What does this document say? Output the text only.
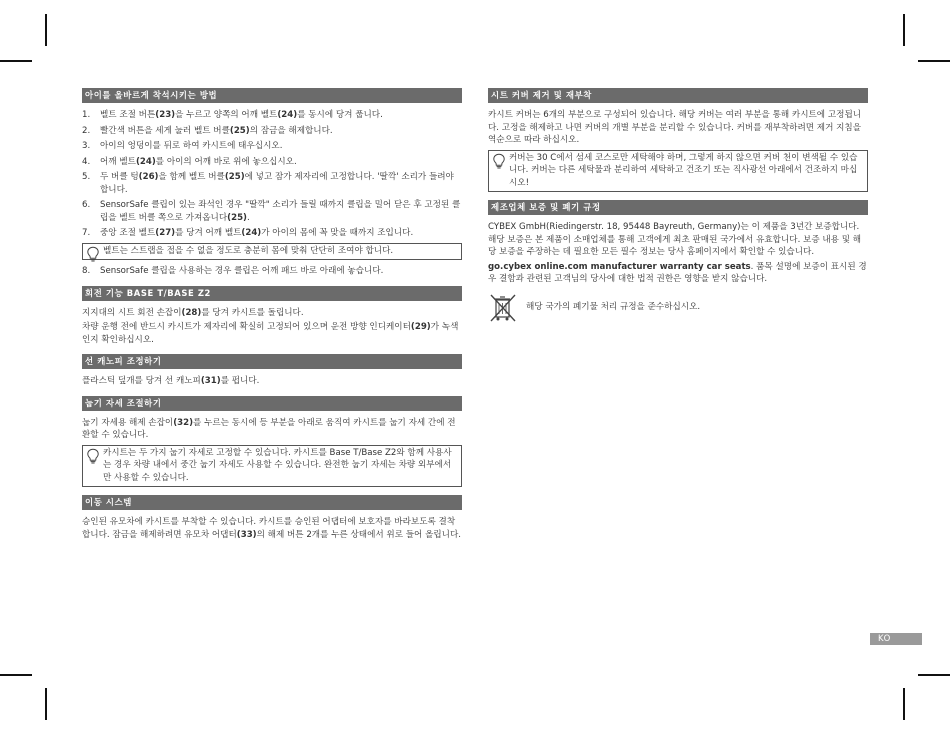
아이를 올바르게 착석시키는 방법
1. 벨트 조절 버튼(23)을 누르고 양쪽의 어깨 벨트(24)를 동시에 당겨 풉니다.
2. 빨간색 버튼을 세게 눌러 벨트 버클(25)의 잠금을 해제합니다.
3. 아이의 엉덩이를 뒤로 하여 카시트에 태우십시오.
4. 어깨 벨트(24)를 아이의 어깨 바로 위에 놓으십시오.
5. 두 버클 텅(26)을 함께 벨트 버클(25)에 넣고 잠가 제자리에 고정합니다. '딸깍' 소리가 들려야 합니다.
6. SensorSafe 클립이 있는 좌석인 경우 "딸깍" 소리가 들릴 때까지 클립을 밀어 닫은 후 고정된 클립을 벨트 버클 쪽으로 가져옵니다(25).
7. 중앙 조절 벨트(27)를 당겨 어깨 벨트(24)가 아이의 몸에 꼭 맞을 때까지 조입니다.
벨트는 스트랩을 접을 수 없을 정도로 충분히 몸에 맞춰 단단히 조여야 합니다.
8. SensorSafe 클립을 사용하는 경우 클립은 어깨 패드 바로 아래에 놓습니다.
회전 기능 BASE T/BASE Z2

지지대의 시트 회전 손잡이(28)를 당겨 카시트를 돌립니다.

차량 운행 전에 반드시 카시트가 제자리에 확실히 고정되어 있으며 운전 방향 인디케이터(29)가 녹색인지 확인하십시오.

선 캐노피 조정하기

플라스틱 덮개를 당겨 선 캐노피(31)를 펍니다.

눕기 자세 조절하기

눕기 자세용 해제 손잡이(32)를 누르는 동시에 등 부분을 아래로 움직여 카시트를 눕기 자세 간에 전환할 수 있습니다.

카시트는 두 가지 눕기 자세로 고정할 수 있습니다. 카시트를 Base T/Base Z2와 함께 사용사는 경우 차량 내에서 중간 눕기 자세도 사용할 수 있습니다. 완전한 눕기 자세는 차량 외부에서만 사용할 수 있습니다.
이동 시스템

승인된 유모차에 카시트를 부착할 수 있습니다. 카시트를 승인된 어댑터에 보호자를 바라보도록 결착합니다. 잠금을 해제하려면 유모차 어댑터(33)의 해제 버튼 2개를 누른 상태에서 위로 들어 올립니다.

시트 커버 제거 및 재부착

카시트 커버는 6개의 부분으로 구성되어 있습니다. 해당 커버는 여러 부분을 통해 카시트에 고정됩니다. 고정을 해제하고 나면 커버의 개별 부분을 분리할 수 있습니다. 커버를 재부착하려면 제거 지침을 역순으로 따라 하십시오.

커버는 30 C에서 섬세 코스로만 세탁해야 하며, 그렇게 하지 않으면 커버 천이 변색될 수 있습니다. 커버는 다른 세탁물과 분리하여 세탁하고 건조기 또는 직사광선 아래에서 건조하지 마십시오!
제조업체 보증 및 폐기 규정

CYBEX GmbH(Riedingerstr. 18, 95448 Bayreuth, Germany)는 이 제품을 3년간 보증합니다. 해당 보증은 본 제품이 소매업체를 통해 고객에게 최초 판매된 국가에서 유효합니다. 보증 내용 및 해당 보증을 주장하는 데 필요한 모든 필수 정보는 당사 홈페이지에서 확인할 수 있습니다.

go.cybex online.com manufacturer warranty car seats. 품목 설명에 보증이 표시된 경우 결함과 관련된 고객님의 당사에 대한 법적 권한은 영향을 받지 않습니다.

해당 국가의 폐기물 처리 규정을 준수하십시오.
KO
